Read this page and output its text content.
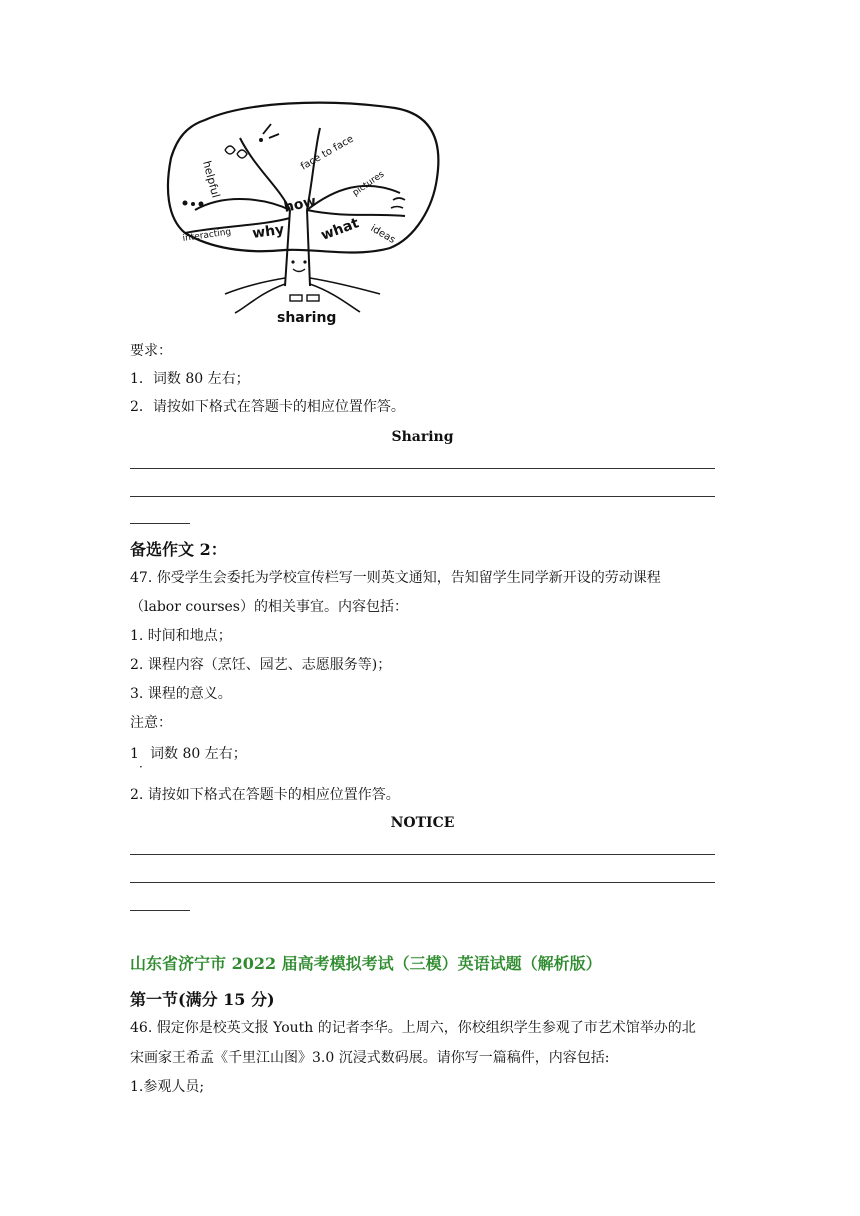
face to face
helpful
how
pictures
interacting why what ideas
sharing
要求：
1．词数 80 左右；
2．请按如下格式在答题卡的相应位置作答。
Sharing
备选作文 2：
47. 你受学生会委托为学校宣传栏写一则英文通知，告知留学生同学新开设的劳动课程
（labor courses）的相关事宜。内容包括：
1. 时间和地点；
2. 课程内容（烹饪、园艺、志愿服务等)；
3. 课程的意义。
注意：
1
·
词数 80 左右；
2. 请按如下格式在答题卡的相应位置作答。
NOTICE
山东省济宁市 2022 届高考模拟考试（三模）英语试题（解析版）
第一节(满分 15 分)
46. 假定你是校英文报 Youth 的记者李华。上周六，你校组织学生参观了市艺术馆举办的北
宋画家王希孟《千里江山图》3.0 沉浸式数码展。请你写一篇稿件，内容包括:
1.参观人员;
